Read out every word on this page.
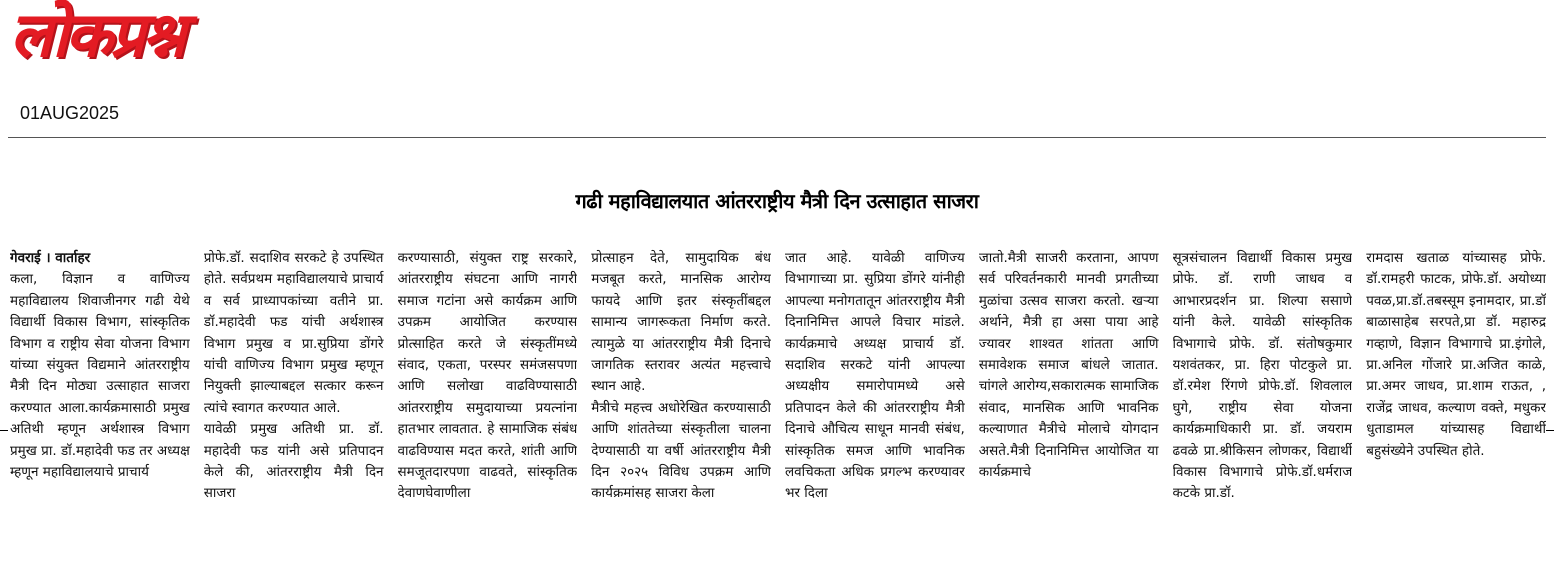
लोकप्रश्न
01AUG2025
गढी महाविद्यालयात आंतरराष्ट्रीय मैत्री दिन उत्साहात साजरा
गेवराई । वार्ताहर
कला, विज्ञान व वाणिज्य महाविद्यालय शिवाजीनगर गढी येथे विद्यार्थी विकास विभाग, सांस्कृतिक विभाग व राष्ट्रीय सेवा योजना विभाग यांच्या संयुक्त विद्यमाने आंतरराष्ट्रीय मैत्री दिन मोठ्या उत्साहात साजरा करण्यात आला.कार्यक्रमासाठी प्रमुख अतिथी म्हणून अर्थशास्त्र विभाग प्रमुख प्रा. डॉ.महादेवी फड तर अध्यक्ष म्हणून महाविद्यालयाचे प्राचार्य
प्रोफे.डॉ. सदाशिव सरकटे हे उपस्थित होते. सर्वप्रथम महाविद्यालयाचे प्राचार्य व सर्व प्राध्यापकांच्या वतीने प्रा. डॉ.महादेवी फड यांची अर्थशास्त्र विभाग प्रमुख व प्रा.सुप्रिया डोंगरे यांची वाणिज्य विभाग प्रमुख म्हणून नियुक्ती झाल्याबद्दल सत्कार करून त्यांचे स्वागत करण्यात आले.
यावेळी प्रमुख अतिथी प्रा. डॉ. महादेवी फड यांनी असे प्रतिपादन केले की, आंतरराष्ट्रीय मैत्री दिन साजरा
करण्यासाठी, संयुक्त राष्ट्र सरकारे, आंतरराष्ट्रीय संघटना आणि नागरी समाज गटांना असे कार्यक्रम आणि उपक्रम आयोजित करण्यास प्रोत्साहित करते जे संस्कृतींमध्ये संवाद, एकता, परस्पर समंजसपणा आणि सलोखा वाढविण्यासाठी आंतरराष्ट्रीय समुदायाच्या प्रयत्नांना हातभार लावतात. हे सामाजिक संबंध वाढविण्यास मदत करते, शांती आणि समजूतदारपणा वाढवते, सांस्कृतिक देवाणघेवाणीला
प्रोत्साहन देते, सामुदायिक बंध मजबूत करते, मानसिक आरोग्य फायदे आणि इतर संस्कृतींबद्दल सामान्य जागरूकता निर्माण करते. त्यामुळे या आंतरराष्ट्रीय मैत्री दिनाचे जागतिक स्तरावर अत्यंत महत्त्वाचे स्थान आहे.
मैत्रीचे महत्त्व अधोरेखित करण्यासाठी आणि शांततेच्या संस्कृतीला चालना देण्यासाठी या वर्षी आंतरराष्ट्रीय मैत्री दिन २०२५ विविध उपक्रम आणि कार्यक्रमांसह साजरा केला
जात आहे. यावेळी वाणिज्य विभागाच्या प्रा. सुप्रिया डोंगरे यांनीही आपल्या मनोगतातून आंतरराष्ट्रीय मैत्री दिनानिमित्त आपले विचार मांडले. कार्यक्रमाचे अध्यक्ष प्राचार्य डॉ. सदाशिव सरकटे यांनी आपल्या अध्यक्षीय समारोपामध्ये असे प्रतिपादन केले की आंतरराष्ट्रीय मैत्री दिनाचे औचित्य साधून मानवी संबंध, सांस्कृतिक समज आणि भावनिक लवचिकता अधिक प्रगल्भ करण्यावर भर दिला
जातो.मैत्री साजरी करताना, आपण सर्व परिवर्तनकारी मानवी प्रगतीच्या मुळांचा उत्सव साजरा करतो. खऱ्या अर्थाने, मैत्री हा असा पाया आहे ज्यावर शाश्वत शांतता आणि समावेशक समाज बांधले जातात. चांगले आरोग्य,सकारात्मक सामाजिक संवाद, मानसिक आणि भावनिक कल्याणात मैत्रीचे मोलाचे योगदान असते.मैत्री दिनानिमित्त आयोजित या कार्यक्रमाचे
सूत्रसंचालन विद्यार्थी विकास प्रमुख प्रोफे. डॉ. राणी जाधव व आभारप्रदर्शन प्रा. शिल्पा ससाणे यांनी केले. यावेळी सांस्कृतिक विभागाचे प्रोफे. डॉ. संतोषकुमार यशवंतकर, प्रा. हिरा पोटकुले प्रा. डॉ.रमेश रिंगणे प्रोफे.डॉ. शिवलाल घुगे, राष्ट्रीय सेवा योजना कार्यक्रमाधिकारी प्रा. डॉ. जयराम ढवळे प्रा.श्रीकिसन लोणकर, विद्यार्थी विकास विभागाचे प्रोफे.डॉ.धर्मराज कटके प्रा.डॉ.
रामदास खताळ यांच्यासह प्रोफे. डॉ.रामहरी फाटक, प्रोफे.डॉ. अयोध्या पवळ,प्रा.डॉ.तबस्सूम इनामदार, प्रा.डॉ बाळासाहेब सरपते,प्रा डॉ. महारुद्र गव्हाणे, विज्ञान विभागाचे प्रा.इंगोले, प्रा.अनिल गोंजारे प्रा.अजित काळे, प्रा.अमर जाधव, प्रा.शाम राऊत, , राजेंद्र जाधव, कल्याण वक्ते, मधुकर धुताडामल यांच्यासह विद्यार्थी बहुसंख्येने उपस्थित होते.
